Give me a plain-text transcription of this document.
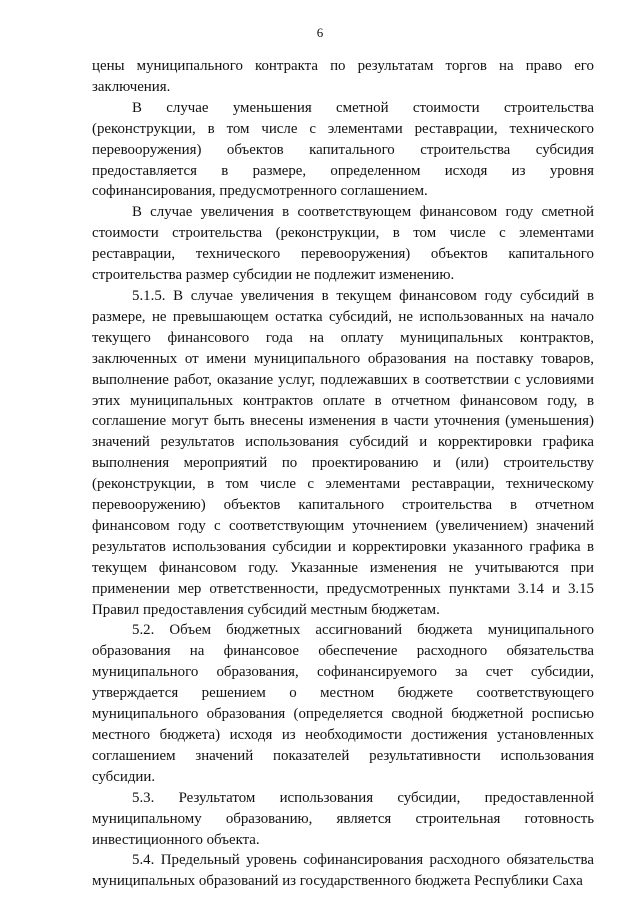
6

цены муниципального контракта по результатам торгов на право его заключения.

В случае уменьшения сметной стоимости строительства (реконструкции, в том числе с элементами реставрации, технического перевооружения) объектов капитального строительства субсидия предоставляется в размере, определенном исходя из уровня софинансирования, предусмотренного соглашением.

В случае увеличения в соответствующем финансовом году сметной стоимости строительства (реконструкции, в том числе с элементами реставрации, технического перевооружения) объектов капитального строительства размер субсидии не подлежит изменению.

5.1.5. В случае увеличения в текущем финансовом году субсидий в размере, не превышающем остатка субсидий, не использованных на начало текущего финансового года на оплату муниципальных контрактов, заключенных от имени муниципального образования на поставку товаров, выполнение работ, оказание услуг, подлежавших в соответствии с условиями этих муниципальных контрактов оплате в отчетном финансовом году, в соглашение могут быть внесены изменения в части уточнения (уменьшения) значений результатов использования субсидий и корректировки графика выполнения мероприятий по проектированию и (или) строительству (реконструкции, в том числе с элементами реставрации, техническому перевооружению) объектов капитального строительства в отчетном финансовом году с соответствующим уточнением (увеличением) значений результатов использования субсидии и корректировки указанного графика в текущем финансовом году. Указанные изменения не учитываются при применении мер ответственности, предусмотренных пунктами 3.14 и 3.15 Правил предоставления субсидий местным бюджетам.

5.2. Объем бюджетных ассигнований бюджета муниципального образования на финансовое обеспечение расходного обязательства муниципального образования, софинансируемого за счет субсидии, утверждается решением о местном бюджете соответствующего муниципального образования (определяется сводной бюджетной росписью местного бюджета) исходя из необходимости достижения установленных соглашением значений показателей результативности использования субсидии.

5.3. Результатом использования субсидии, предоставленной муниципальному образованию, является строительная готовность инвестиционного объекта.

5.4. Предельный уровень софинансирования расходного обязательства муниципальных образований из государственного бюджета Республики Саха
